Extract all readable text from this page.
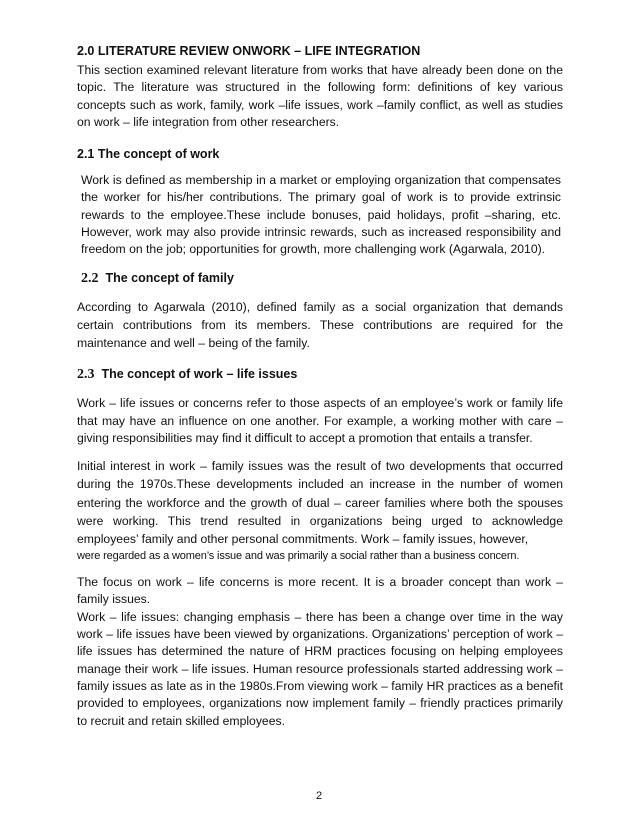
2.0 LITERATURE REVIEW ONWORK – LIFE INTEGRATION

This section examined relevant literature from works that have already been done on the topic. The literature was structured in the following form: definitions of key various concepts such as work, family, work –life issues, work –family conflict, as well as studies on work – life integration from other researchers.

2.1 The concept of work

Work is defined as membership in a market or employing organization that compensates the worker for his/her contributions. The primary goal of work is to provide extrinsic rewards to the employee.These include bonuses, paid holidays, profit –sharing, etc. However, work may also provide intrinsic rewards, such as increased responsibility and freedom on the job; opportunities for growth, more challenging work (Agarwala, 2010).

2.2 The concept of family

According to Agarwala (2010), defined family as a social organization that demands certain contributions from its members. These contributions are required for the maintenance and well – being of the family.

2.3 The concept of work – life issues

Work – life issues or concerns refer to those aspects of an employee’s work or family life that may have an influence on one another. For example, a working mother with care – giving responsibilities may find it difficult to accept a promotion that entails a transfer.

Initial interest in work – family issues was the result of two developments that occurred during the 1970s.These developments included an increase in the number of women entering the workforce and the growth of dual – career families where both the spouses were working. This trend resulted in organizations being urged to acknowledge employees’ family and other personal commitments. Work – family issues, however,

were regarded as a women’s issue and was primarily a social rather than a business concern.

The focus on work – life concerns is more recent. It is a broader concept than work – family issues.

Work – life issues: changing emphasis – there has been a change over time in the way work – life issues have been viewed by organizations. Organizations’ perception of work – life issues has determined the nature of HRM practices focusing on helping employees manage their work – life issues. Human resource professionals started addressing work – family issues as late as in the 1980s.From viewing work – family HR practices as a benefit provided to employees, organizations now implement family – friendly practices primarily to recruit and retain skilled employees.

2
